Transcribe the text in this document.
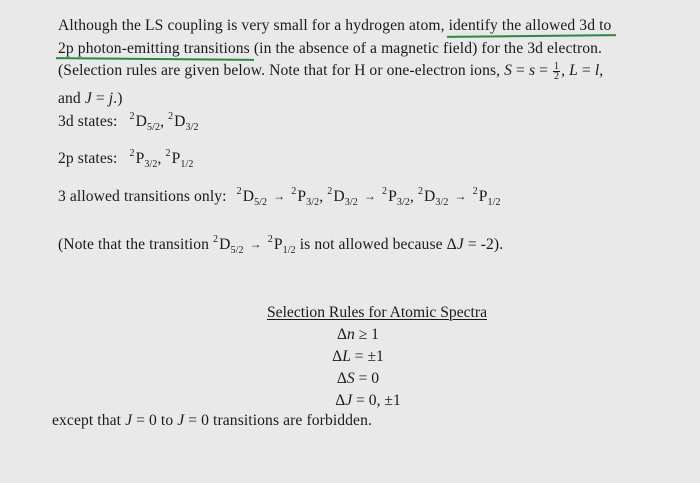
Although the LS coupling is very small for a hydrogen atom, identify the allowed 3d to
2p photon-emitting transitions (in the absence of a magnetic field) for the 3d electron.
(Selection rules are given below. Note that for H or one-electron ions, $S = s = \frac{1}{2}$ , L = l,
and J = j.)
3d states: $^2D_{5/2}$, $^2D_{3/2}$
2p states: $^2P_{3/2}$, $^2P_{1/2}$
3 allowed transitions only: $^2D_{5/2} \to ^2P_{3/2}$, $^2D_{3/2} \to ^2P_{3/2}$, $^2D_{3/2} \to ^2P_{1/2}$
(Note that the transition $^2D_{5/2} \to ^2P_{1/2}$ is not allowed because ΔJ = -2).
Selection Rules for Atomic Spectra
Δn ≥ 1
ΔL = ±1
ΔS = 0
ΔJ = 0, ±1
except that J = 0 to J = 0 transitions are forbidden.
